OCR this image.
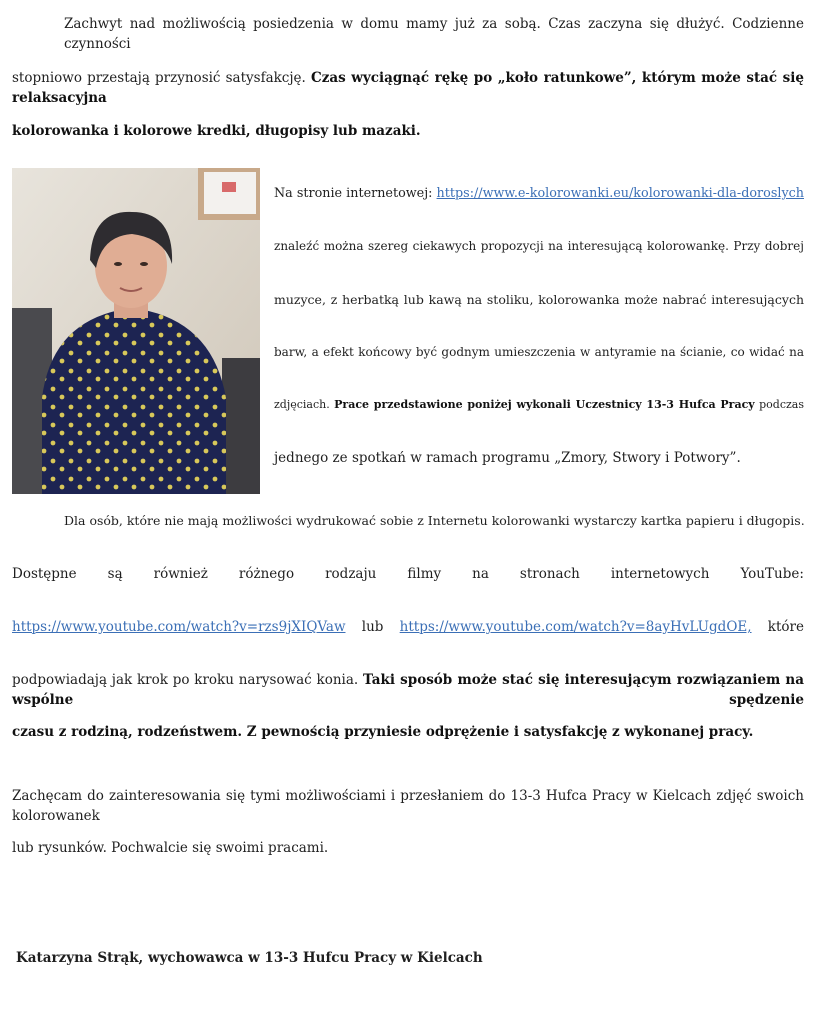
Zachwyt nad możliwością posiedzenia w domu mamy już za sobą. Czas zaczyna się dłużyć. Codzienne czynności
stopniowo przestają przynosić satysfakcję. Czas wyciągnąć rękę po „koło ratunkowe”, którym może stać się relaksacyjna
kolorowanka i kolorowe kredki, długopisy lub mazaki.
Na stronie internetowej: https://www.e-kolorowanki.eu/kolorowanki-dla-doroslych
znaleźć można szereg ciekawych propozycji na interesującą kolorowankę. Przy dobrej
muzyce, z herbatką lub kawą na stoliku, kolorowanka może nabrać interesujących
barw, a efekt końcowy być godnym umieszczenia w antyramie na ścianie, co widać na
zdjęciach. Prace przedstawione poniżej wykonali Uczestnicy 13-3 Hufca Pracy podczas
jednego ze spotkań w ramach programu „Zmory, Stwory i Potwory”.
Dla osób, które nie mają możliwości wydrukować sobie z Internetu kolorowanki wystarczy kartka papieru i długopis.
Dostępne są również różnego rodzaju filmy na stronach internetowych YouTube:
https://www.youtube.com/watch?v=rzs9jXIQVaw lub https://www.youtube.com/watch?v=8ayHvLUgdOE, które
podpowiadają jak krok po kroku narysować konia. Taki sposób może stać się interesującym rozwiązaniem na wspólne spędzenie
czasu z rodziną, rodzeństwem. Z pewnością przyniesie odprężenie i satysfakcję z wykonanej pracy.
Zachęcam do zainteresowania się tymi możliwościami i przesłaniem do 13-3 Hufca Pracy w Kielcach zdjęć swoich kolorowanek
lub rysunków. Pochwalcie się swoimi pracami.
Katarzyna Strąk, wychowawca w 13-3 Hufcu Pracy w Kielcach
